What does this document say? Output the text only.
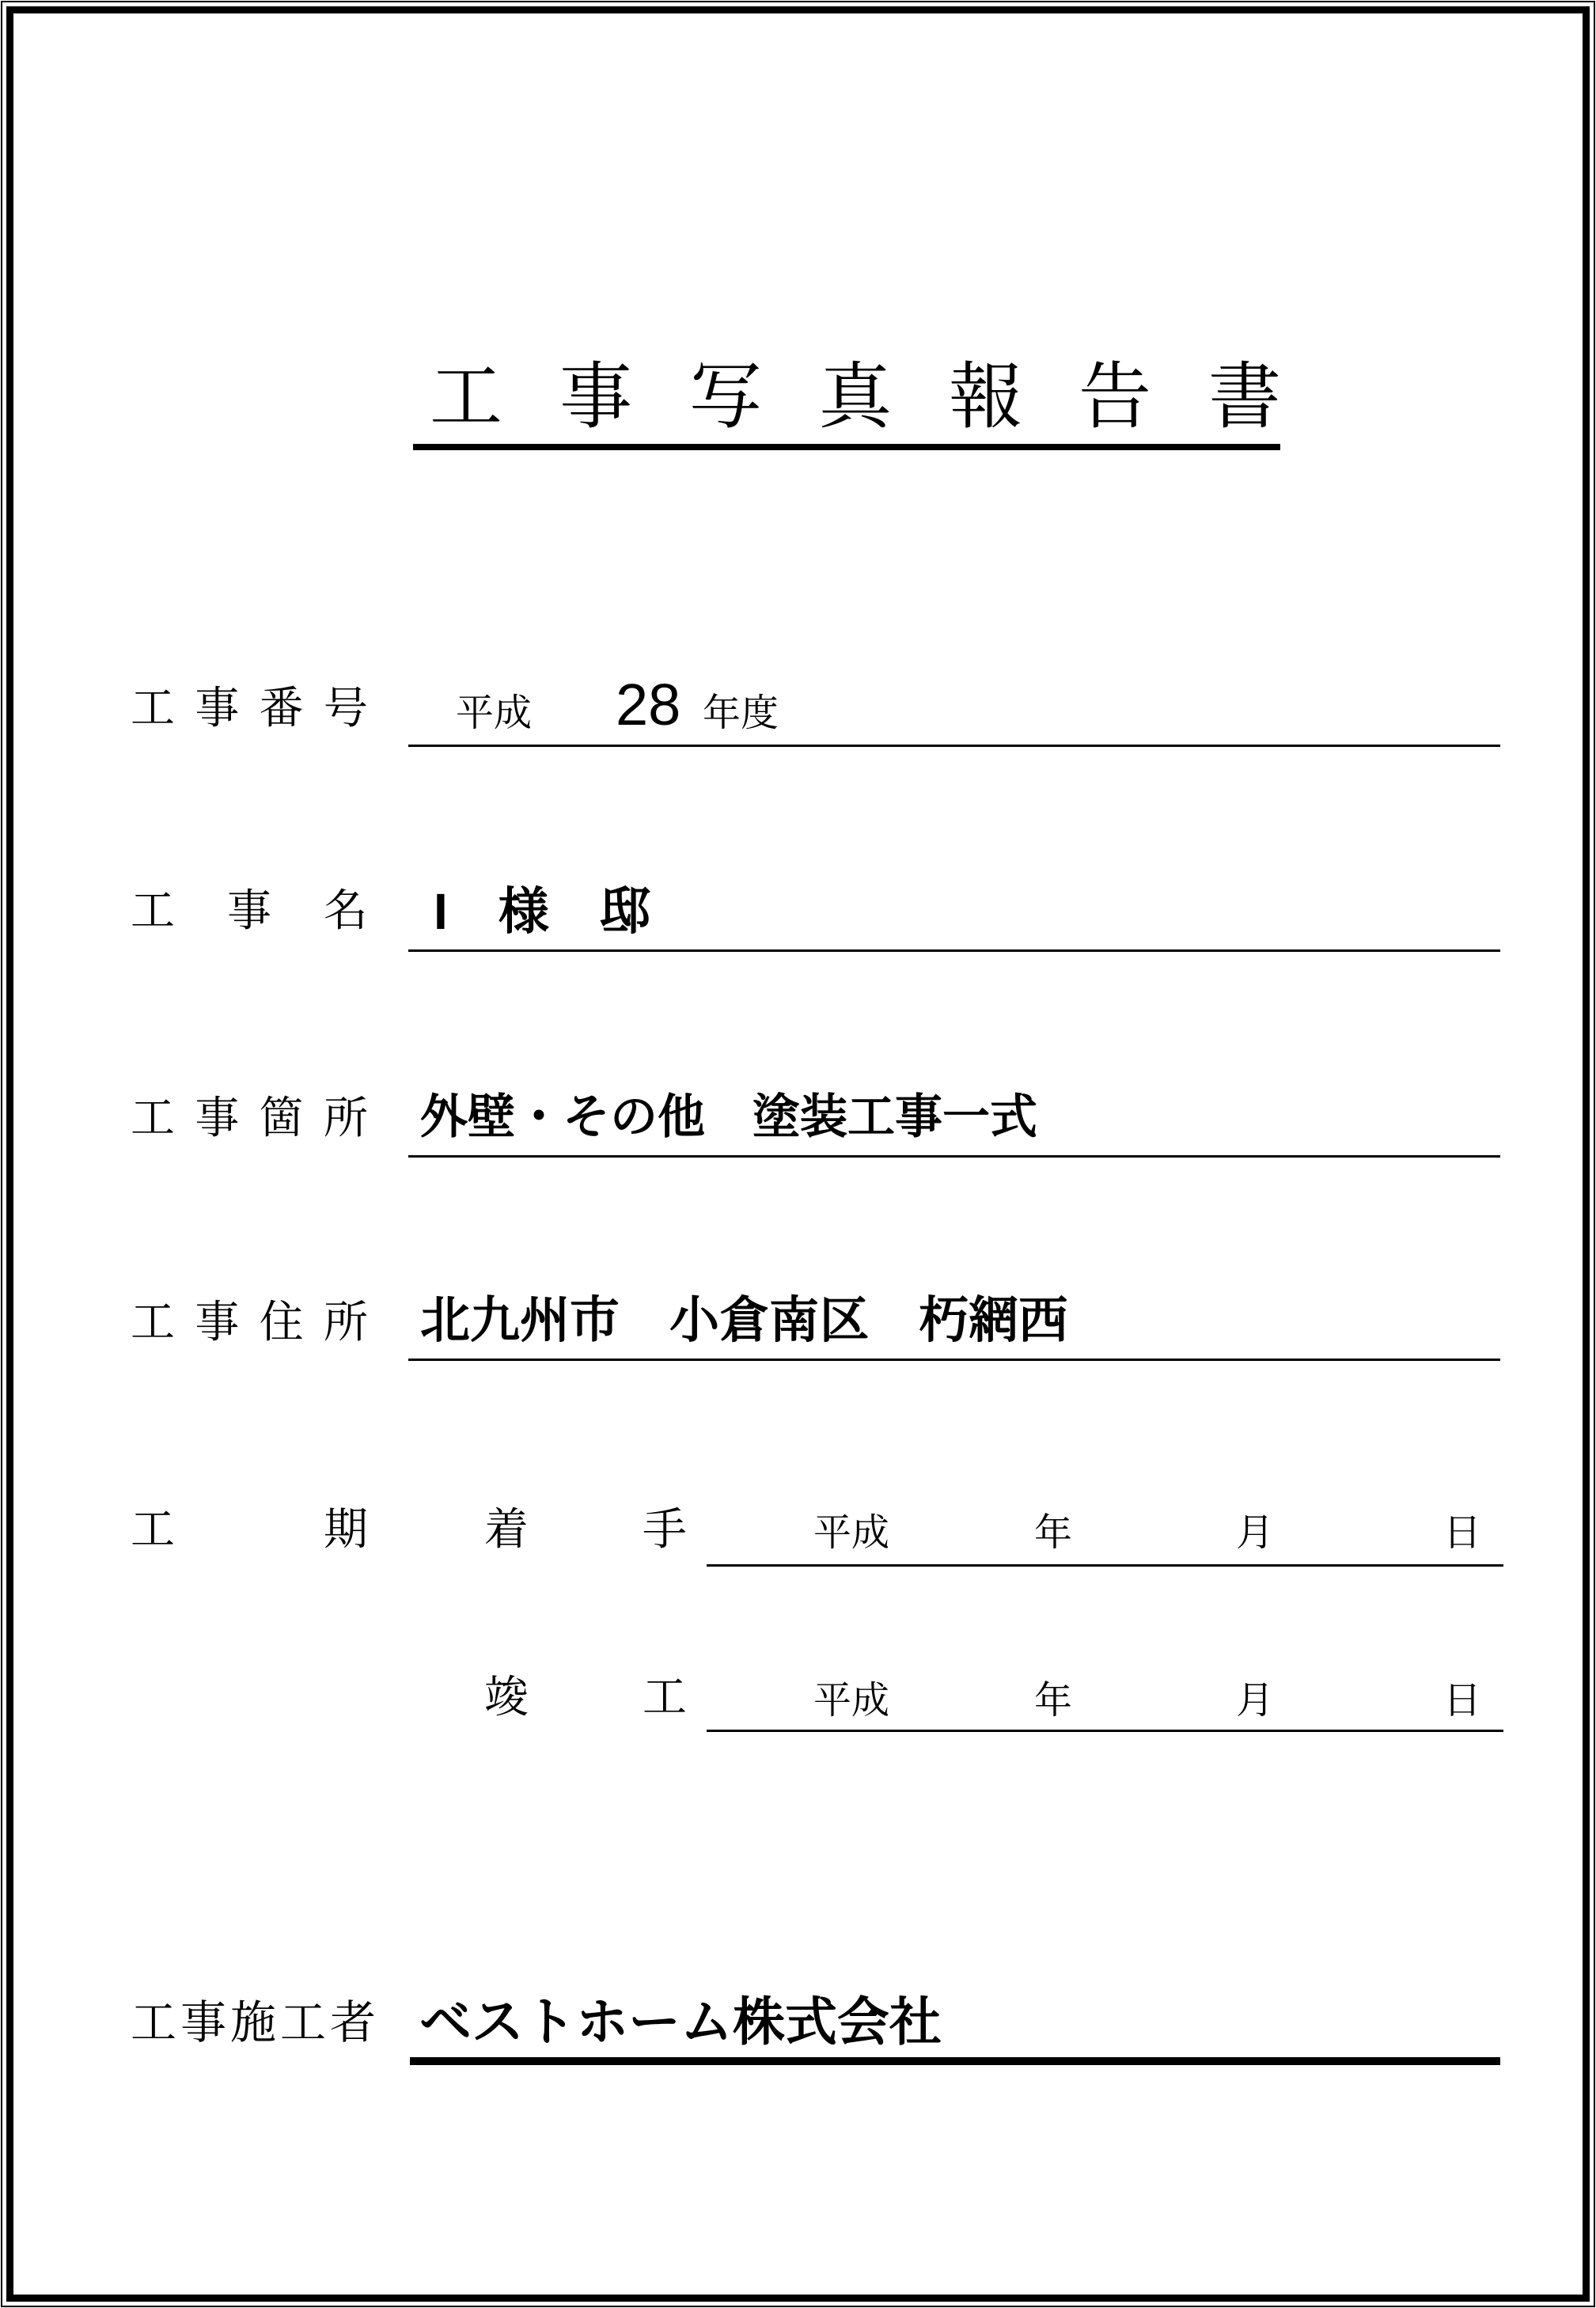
工事写真報告書
工 事 番 号 平成 28 年度
工 事 名 I　様　邸
工 事 箇 所 外壁・その他　塗装工事一式
工 事 住 所 北九州市　小倉南区　朽網西
工	期	着	手	平成	年	月	日
竣	工	平成	年	月	日
工事施工者 ベストホーム株式会社
